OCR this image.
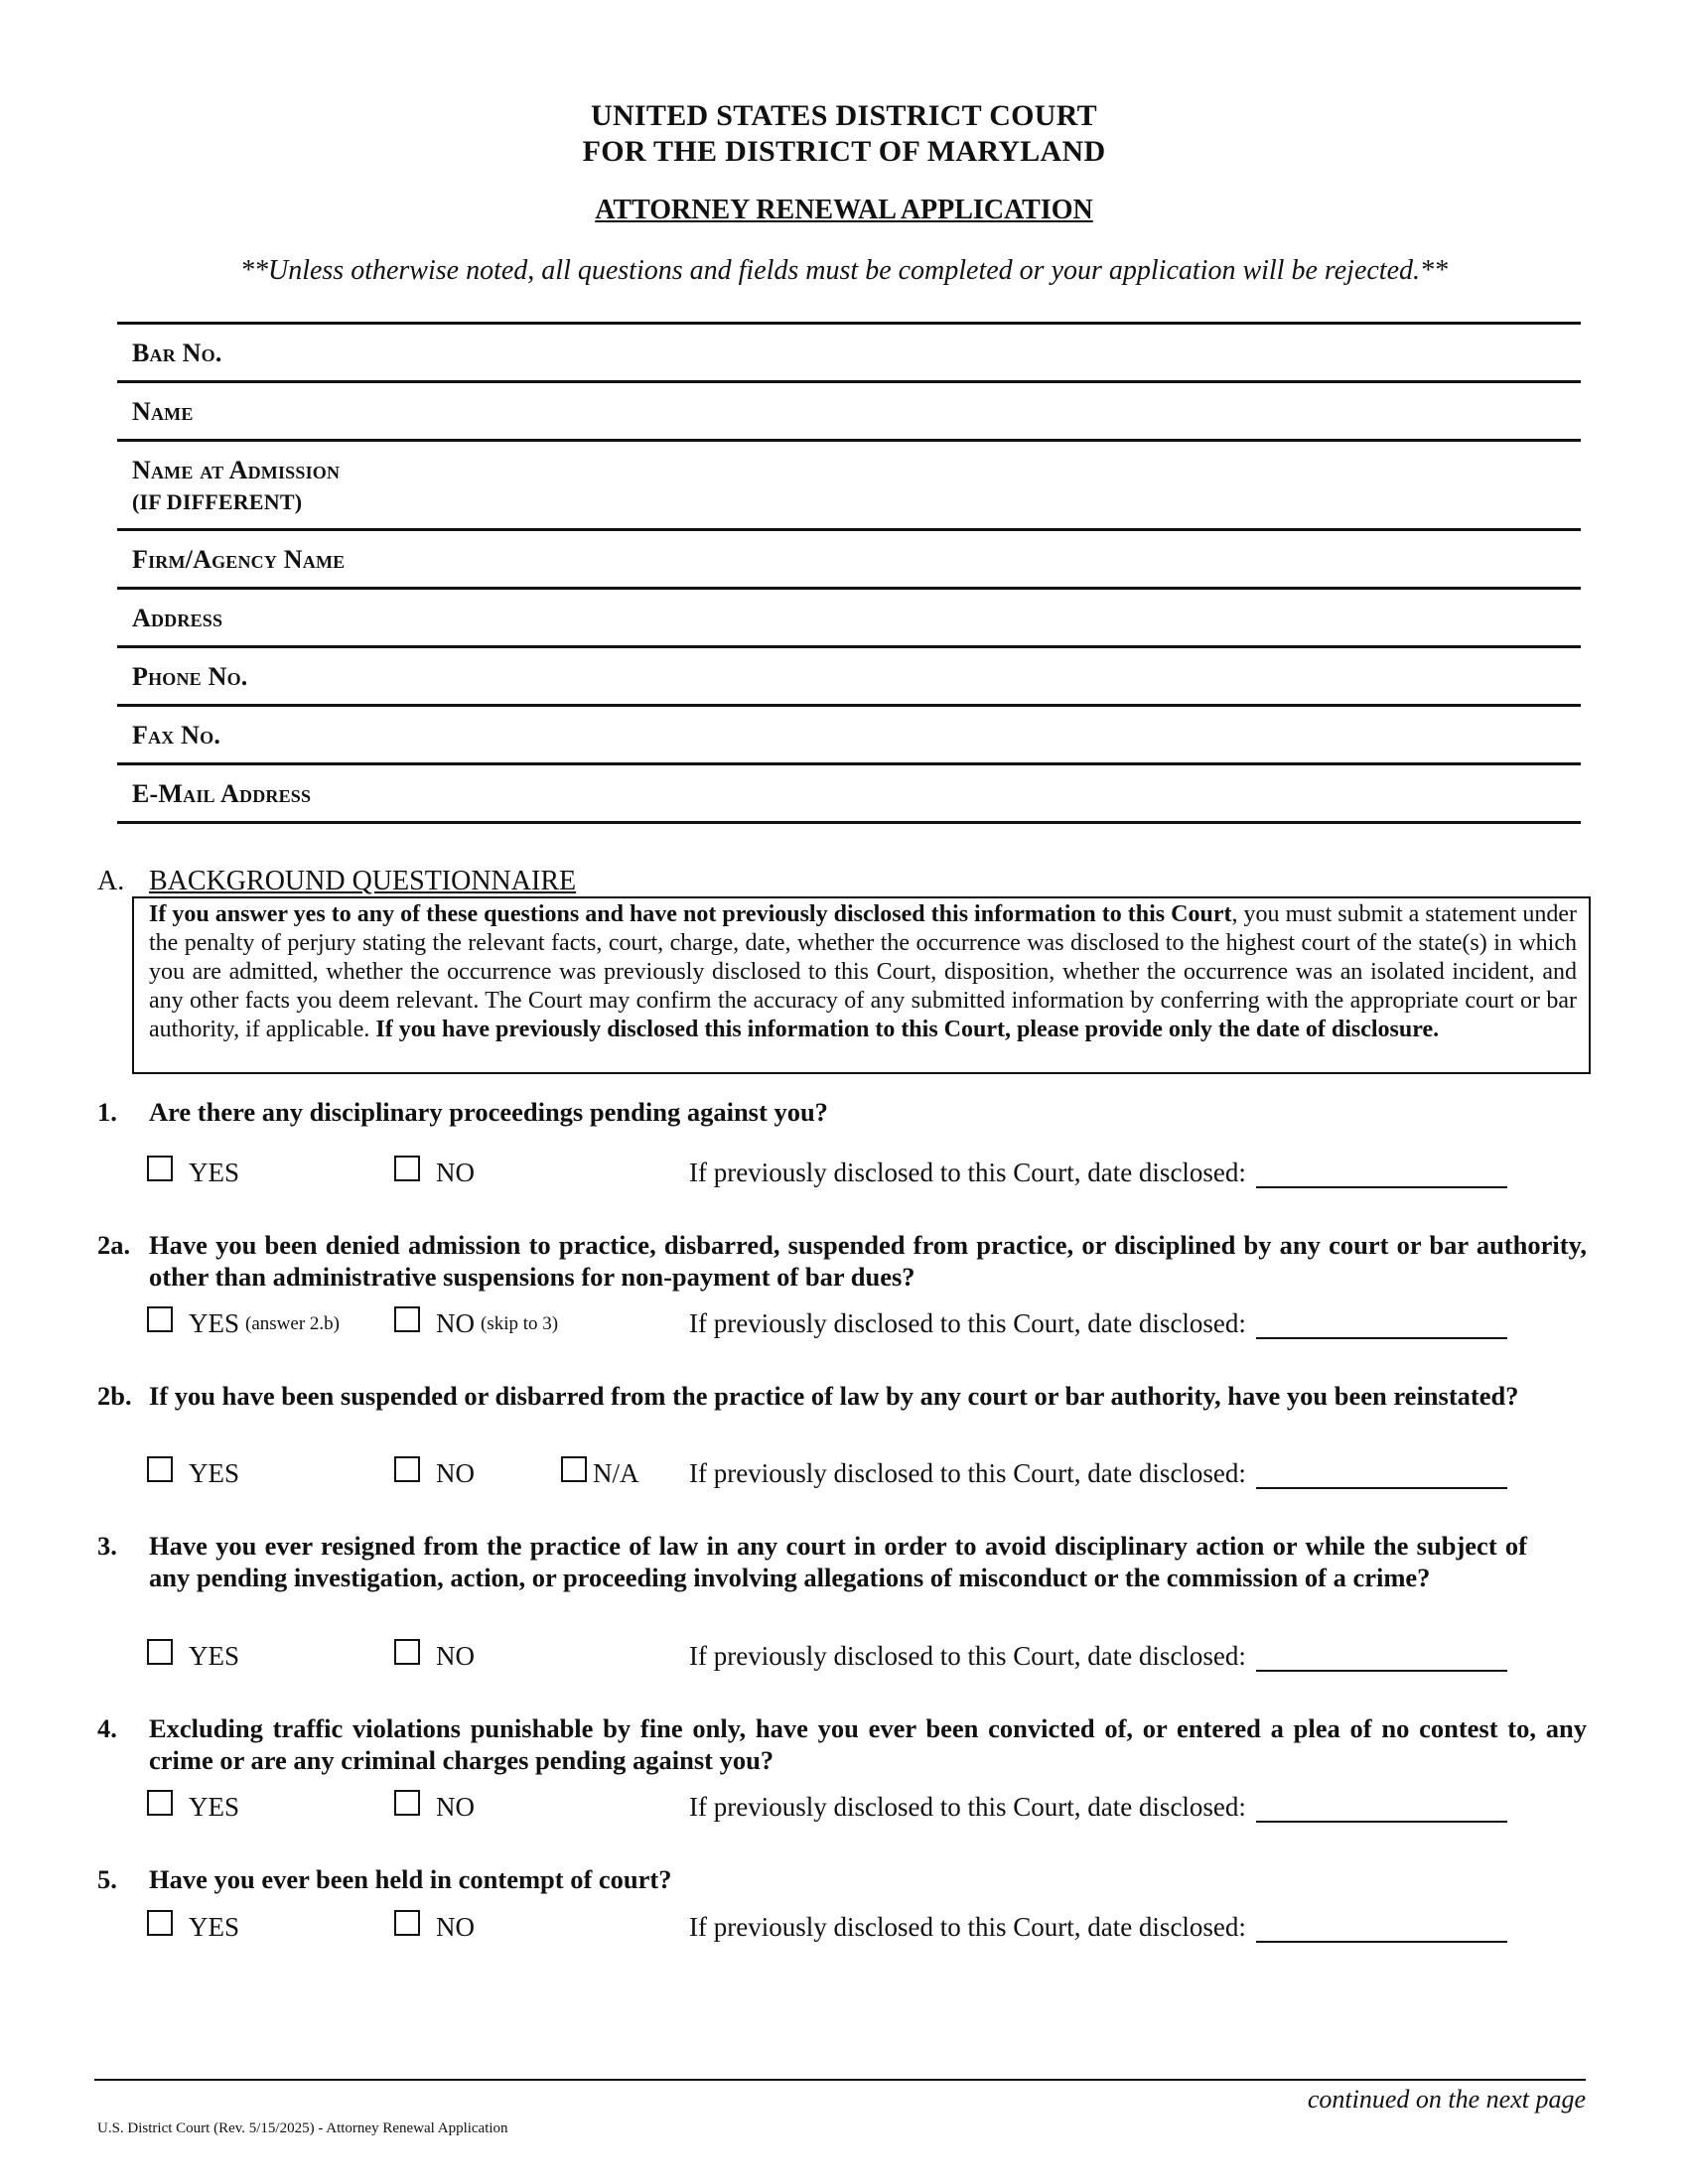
UNITED STATES DISTRICT COURT
FOR THE DISTRICT OF MARYLAND
ATTORNEY RENEWAL APPLICATION
**Unless otherwise noted, all questions and fields must be completed or your application will be rejected.**
Bar No.
Name
Name at Admission
(IF DIFFERENT)
Firm/Agency Name
Address
Phone No.
Fax No.
E-Mail Address
A. BACKGROUND QUESTIONNAIRE
If you answer yes to any of these questions and have not previously disclosed this information to this Court, you must submit a statement under the penalty of perjury stating the relevant facts, court, charge, date, whether the occurrence was disclosed to the highest court of the state(s) in which you are admitted, whether the occurrence was previously disclosed to this Court, disposition, whether the occurrence was an isolated incident, and any other facts you deem relevant. The Court may confirm the accuracy of any submitted information by conferring with the appropriate court or bar authority, if applicable. If you have previously disclosed this information to this Court, please provide only the date of disclosure.
1.	Are there any disciplinary proceedings pending against you?
YES	NO	If previously disclosed to this Court, date disclosed:
2a. Have you been denied admission to practice, disbarred, suspended from practice, or disciplined by any court or bar authority, other than administrative suspensions for non-payment of bar dues?
YES (answer 2.b)	NO (skip to 3)	If previously disclosed to this Court, date disclosed:
2b. If you have been suspended or disbarred from the practice of law by any court or bar authority, have you been reinstated?
YES	NO	N/A If previously disclosed to this Court, date disclosed:
3.	Have you ever resigned from the practice of law in any court in order to avoid disciplinary action or while the subject of any pending investigation, action, or proceeding involving allegations of misconduct or the commission of a crime?
YES	NO	If previously disclosed to this Court, date disclosed:
4.	Excluding traffic violations punishable by fine only, have you ever been convicted of, or entered a plea of no contest to, any crime or are any criminal charges pending against you?
YES	NO	If previously disclosed to this Court, date disclosed:
5.	Have you ever been held in contempt of court?
YES	NO	If previously disclosed to this Court, date disclosed:
continued on the next page
U.S. District Court (Rev. 5/15/2025) - Attorney Renewal Application
